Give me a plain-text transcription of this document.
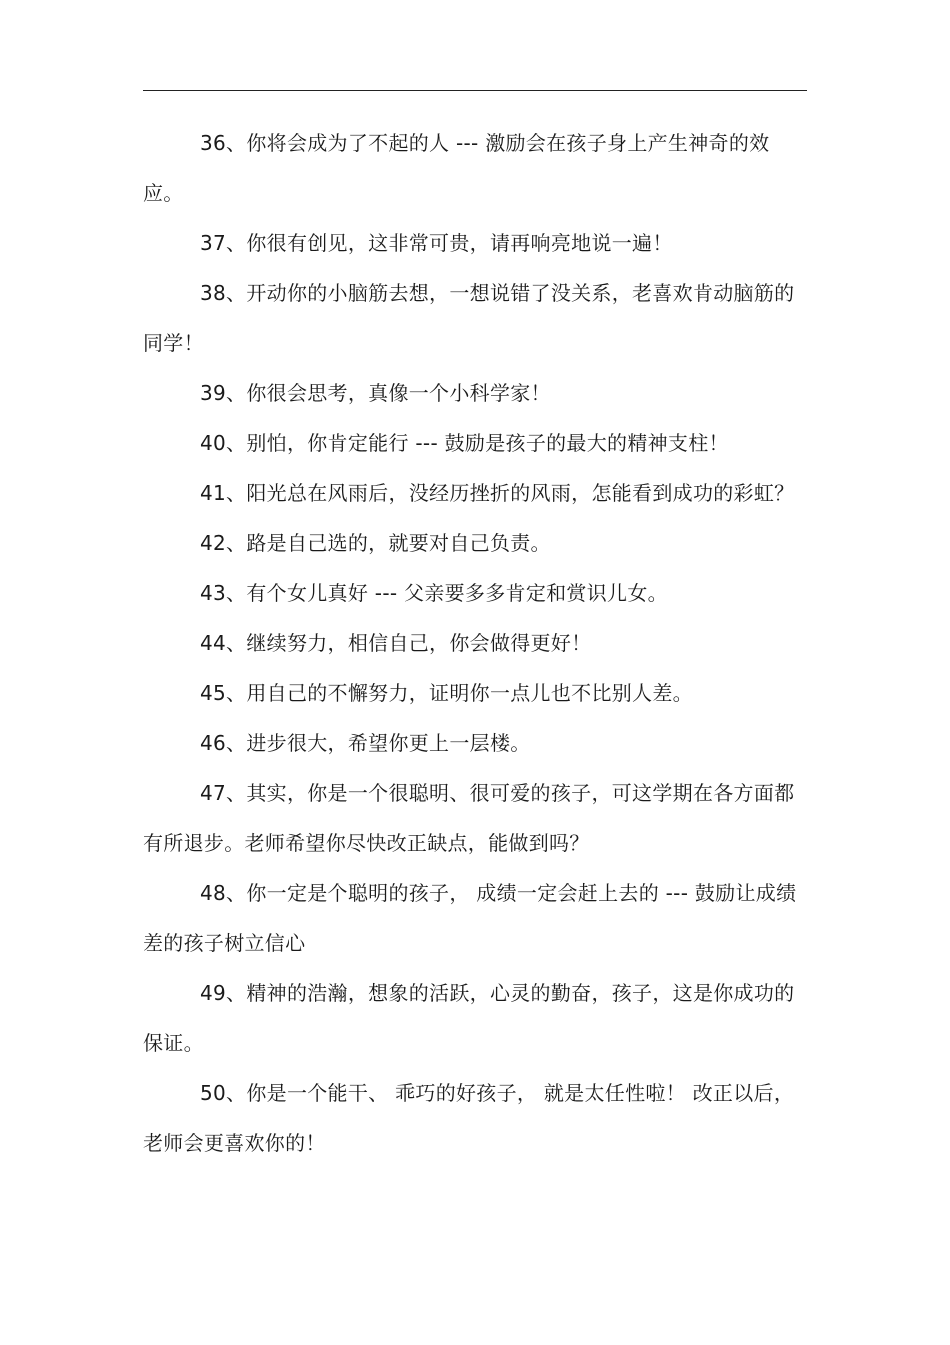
36、你将会成为了不起的人 --- 激励会在孩子身上产生神奇的效应。

37、你很有创见，这非常可贵，请再响亮地说一遍！

38、开动你的小脑筋去想，一想说错了没关系，老喜欢肯动脑筋的同学！

39、你很会思考，真像一个小科学家！

40、别怕，你肯定能行 --- 鼓励是孩子的最大的精神支柱！

41、阳光总在风雨后，没经历挫折的风雨，怎能看到成功的彩虹？

42、路是自己选的，就要对自己负责。

43、有个女儿真好 --- 父亲要多多肯定和赏识儿女。

44、继续努力，相信自己，你会做得更好！

45、用自己的不懈努力，证明你一点儿也不比别人差。

46、进步很大，希望你更上一层楼。

47、其实，你是一个很聪明、很可爱的孩子，可这学期在各方面都有所退步。老师希望你尽快改正缺点，能做到吗？

48、你一定是个聪明的孩子， 成绩一定会赶上去的 --- 鼓励让成绩差的孩子树立信心

49、精神的浩瀚，想象的活跃，心灵的勤奋，孩子，这是你成功的保证。

50、你是一个能干、 乖巧的好孩子， 就是太任性啦！ 改正以后，老师会更喜欢你的！
